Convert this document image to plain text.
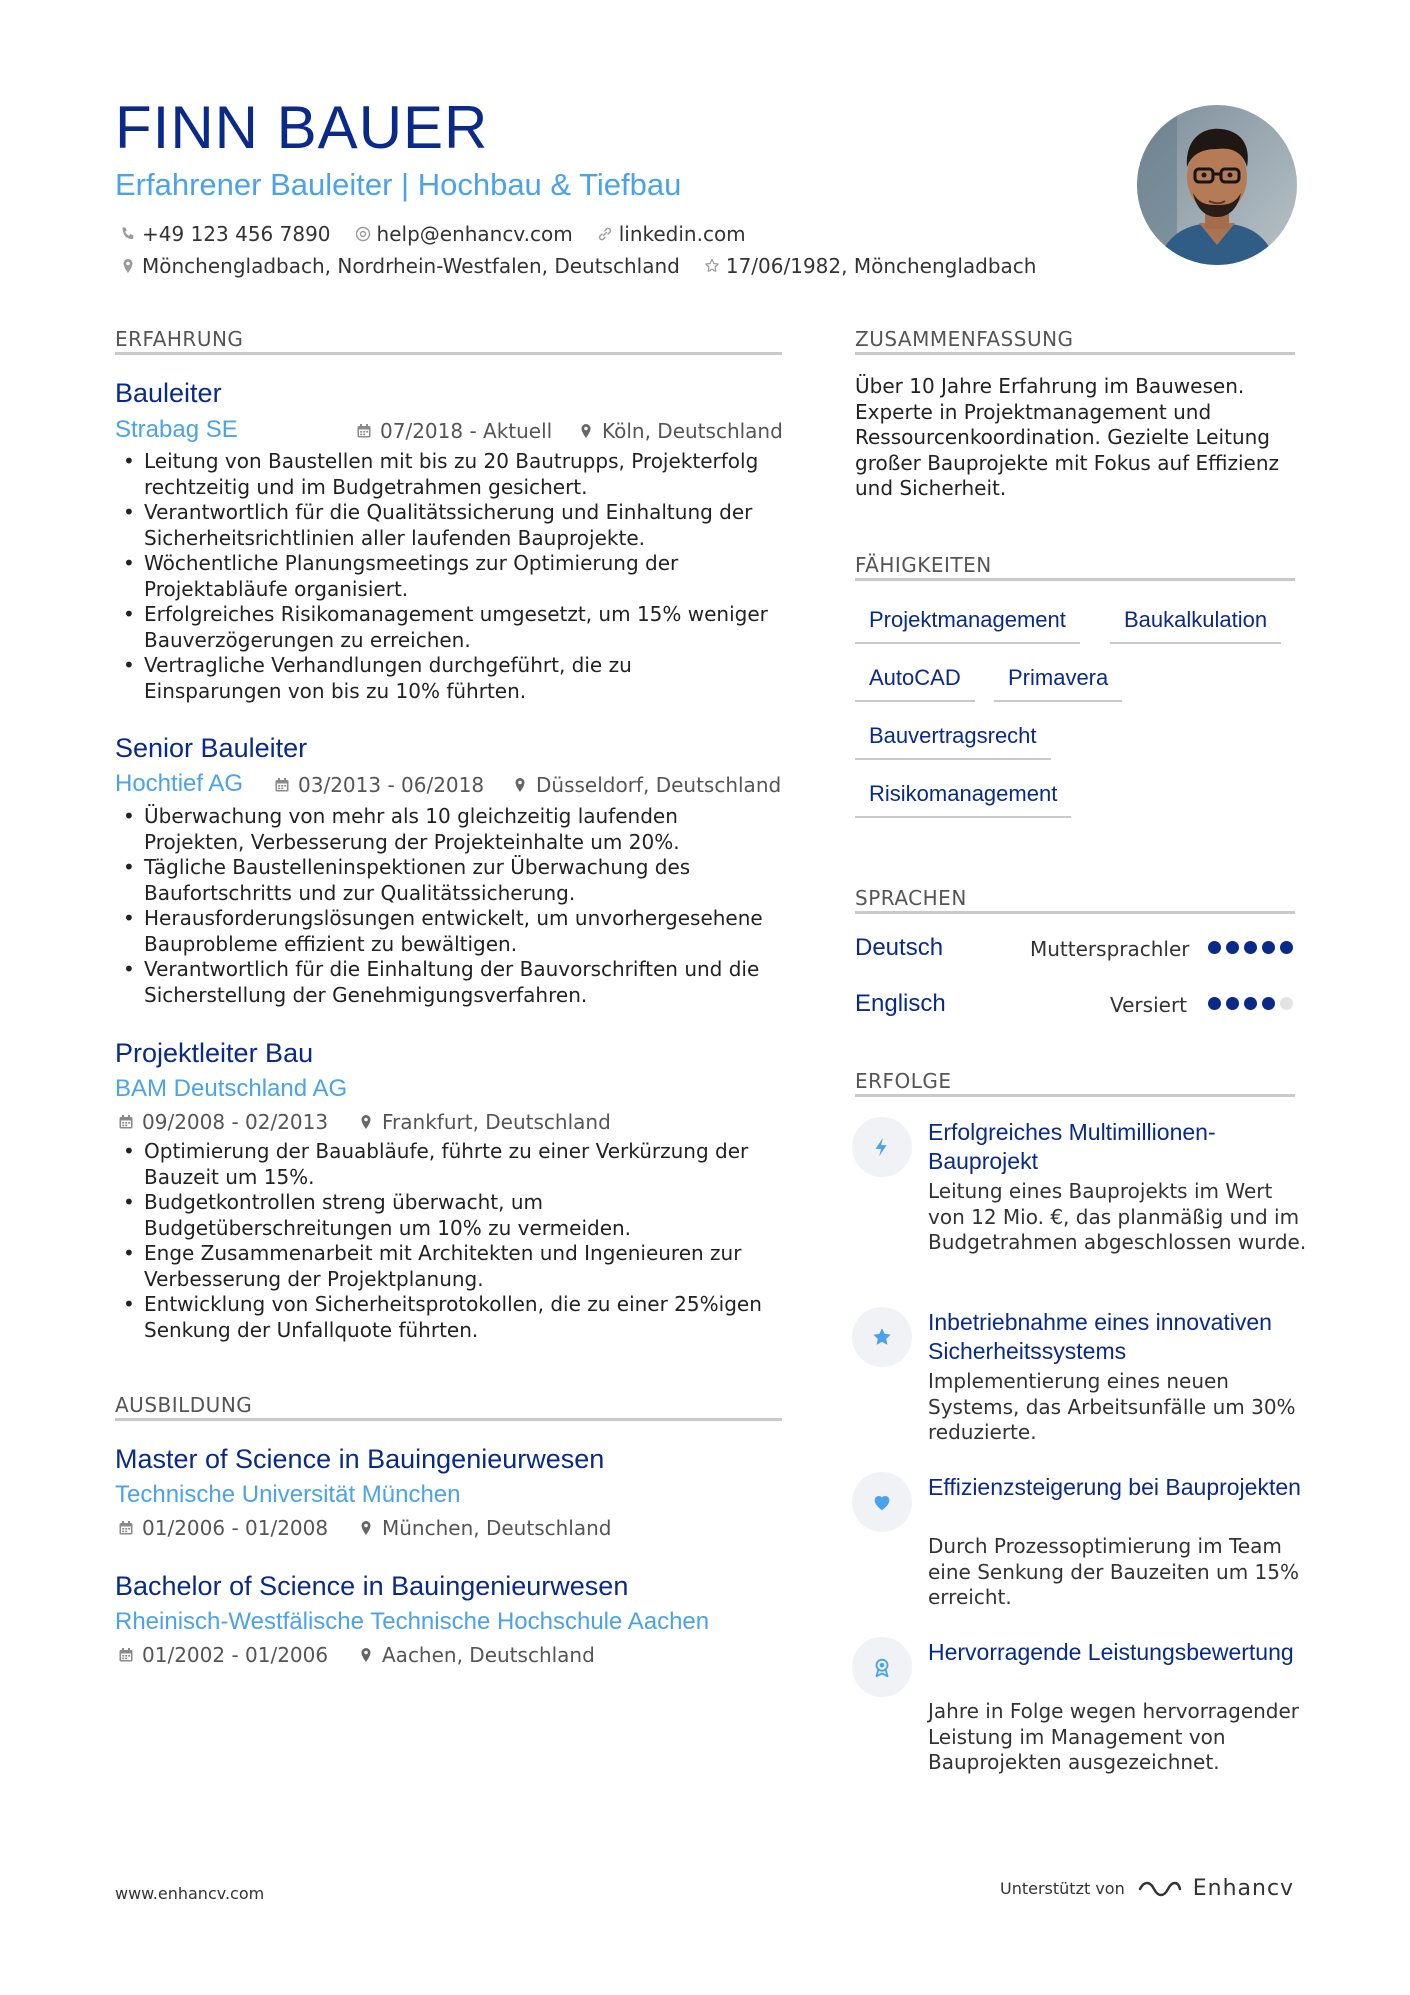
FINN BAUER
Erfahrener Bauleiter | Hochbau & Tiefbau
+49 123 456 7890 help@enhancv.com linkedin.com
Mönchengladbach, Nordrhein-Westfalen, Deutschland 17/06/1982, Mönchengladbach
ERFAHRUNG
Bauleiter
Strabag SE	07/2018 - Aktuell Köln, Deutschland
• Leitung von Baustellen mit bis zu 20 Bautrupps, Projekterfolg rechtzeitig und im Budgetrahmen gesichert.
• Verantwortlich für die Qualitätssicherung und Einhaltung der Sicherheitsrichtlinien aller laufenden Bauprojekte.
• Wöchentliche Planungsmeetings zur Optimierung der Projektabläufe organisiert.
• Erfolgreiches Risikomanagement umgesetzt, um 15% weniger Bauverzögerungen zu erreichen.
• Vertragliche Verhandlungen durchgeführt, die zu Einsparungen von bis zu 10% führten.
Senior Bauleiter
Hochtief AG	03/2013 - 06/2018	Düsseldorf, Deutschland
• Überwachung von mehr als 10 gleichzeitig laufenden Projekten, Verbesserung der Projekteinhalte um 20%.
• Tägliche Baustelleninspektionen zur Überwachung des Baufortschritts und zur Qualitätssicherung.
• Herausforderungslösungen entwickelt, um unvorhergesehene Bauprobleme effizient zu bewältigen.
• Verantwortlich für die Einhaltung der Bauvorschriften und die Sicherstellung der Genehmigungsverfahren.
Projektleiter Bau
BAM Deutschland AG
09/2008 - 02/2013	Frankfurt, Deutschland
• Optimierung der Bauabläufe, führte zu einer Verkürzung der Bauzeit um 15%.
• Budgetkontrollen streng überwacht, um Budgetüberschreitungen um 10% zu vermeiden.
• Enge Zusammenarbeit mit Architekten und Ingenieuren zur Verbesserung der Projektplanung.
• Entwicklung von Sicherheitsprotokollen, die zu einer 25%igen Senkung der Unfallquote führten.
AUSBILDUNG
Master of Science in Bauingenieurwesen
Technische Universität München
01/2006 - 01/2008	München, Deutschland
Bachelor of Science in Bauingenieurwesen
Rheinisch-Westfälische Technische Hochschule Aachen
01/2002 - 01/2006	Aachen, Deutschland
ZUSAMMENFASSUNG
Über 10 Jahre Erfahrung im Bauwesen. Experte in Projektmanagement und Ressourcenkoordination. Gezielte Leitung großer Bauprojekte mit Fokus auf Effizienz und Sicherheit.
FÄHIGKEITEN
Projektmanagement	Baukalkulation
AutoCAD	Primavera
Bauvertragsrecht
Risikomanagement
SPRACHEN
Deutsch	Muttersprachler
Englisch	Versiert
ERFOLGE
Erfolgreiches Multimillionen-Bauprojekt
Leitung eines Bauprojekts im Wert von 12 Mio. €, das planmäßig und im Budgetrahmen abgeschlossen wurde.
Inbetriebnahme eines innovativen Sicherheitssystems
Implementierung eines neuen Systems, das Arbeitsunfälle um 30% reduzierte.
Effizienzsteigerung bei Bauprojekten
Durch Prozessoptimierung im Team eine Senkung der Bauzeiten um 15% erreicht.
Hervorragende Leistungsbewertung
Jahre in Folge wegen hervorragender Leistung im Management von Bauprojekten ausgezeichnet.
www.enhancv.com	Unterstützt von	Enhancv
